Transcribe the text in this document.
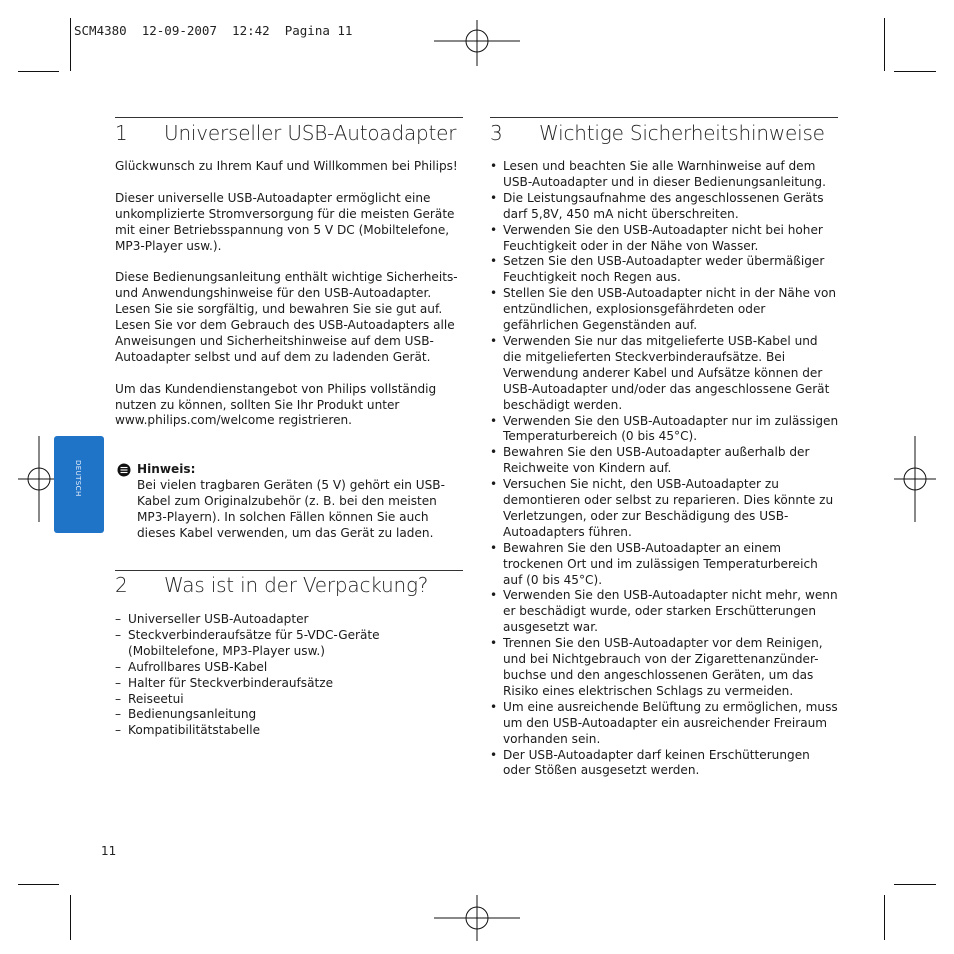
SCM4380  12-09-2007  12:42  Pagina 11
DEUTSCH
1 Universeller USB-Autoadapter

Glückwunsch zu Ihrem Kauf und Willkommen bei Philips!

Dieser universelle USB-Autoadapter ermöglicht eine unkomplizierte Stromversorgung für die meisten Geräte mit einer Betriebsspannung von 5 V DC (Mobiltelefone, MP3-Player usw.).

Diese Bedienungsanleitung enthält wichtige Sicherheits- und Anwendungshinweise für den USB-Autoadapter. Lesen Sie sie sorgfältig, und bewahren Sie sie gut auf. Lesen Sie vor dem Gebrauch des USB-Autoadapters alle Anweisungen und Sicherheitshinweise auf dem USB-Autoadapter selbst und auf dem zu ladenden Gerät.

Um das Kundendienstangebot von Philips vollständig nutzen zu können, sollten Sie Ihr Produkt unter www.philips.com/welcome registrieren.

Hinweis:
Bei vielen tragbaren Geräten (5 V) gehört ein USB-Kabel zum Originalzubehör (z. B. bei den meisten MP3-Playern). In solchen Fällen können Sie auch dieses Kabel verwenden, um das Gerät zu laden.
2 Was ist in der Verpackung?
– Universeller USB-Autoadapter
– Steckverbinderaufsätze für 5-VDC-Geräte (Mobiltelefone, MP3-Player usw.)
– Aufrollbares USB-Kabel
– Halter für Steckverbinderaufsätze
– Reiseetui
– Bedienungsanleitung
– Kompatibilitätstabelle
3 Wichtige Sicherheitshinweise
• Lesen und beachten Sie alle Warnhinweise auf dem USB-Autoadapter und in dieser Bedienungsanleitung.
• Die Leistungsaufnahme des angeschlossenen Geräts darf 5,8V, 450 mA nicht überschreiten.
• Verwenden Sie den USB-Autoadapter nicht bei hoher Feuchtigkeit oder in der Nähe von Wasser.
• Setzen Sie den USB-Autoadapter weder übermäßiger Feuchtigkeit noch Regen aus.
• Stellen Sie den USB-Autoadapter nicht in der Nähe von entzündlichen, explosionsgefährdeten oder gefährlichen Gegenständen auf.
• Verwenden Sie nur das mitgelieferte USB-Kabel und die mitgelieferten Steckverbinderaufsätze. Bei Verwendung anderer Kabel und Aufsätze können der USB-Autoadapter und/oder das angeschlossene Gerät beschädigt werden.
• Verwenden Sie den USB-Autoadapter nur im zulässigen Temperaturbereich (0 bis 45°C).
• Bewahren Sie den USB-Autoadapter außerhalb der Reichweite von Kindern auf.
• Versuchen Sie nicht, den USB-Autoadapter zu demontieren oder selbst zu reparieren. Dies könnte zu Verletzungen, oder zur Beschädigung des USB-Autoadapters führen.
• Bewahren Sie den USB-Autoadapter an einem trockenen Ort und im zulässigen Temperaturbereich auf (0 bis 45°C).
• Verwenden Sie den USB-Autoadapter nicht mehr, wenn er beschädigt wurde, oder starken Erschütterungen ausgesetzt war.
• Trennen Sie den USB-Autoadapter vor dem Reinigen, und bei Nichtgebrauch von der Zigarettenanzünder-buchse und den angeschlossenen Geräten, um das Risiko eines elektrischen Schlags zu vermeiden.
• Um eine ausreichende Belüftung zu ermöglichen, muss um den USB-Autoadapter ein ausreichender Freiraum vorhanden sein.
• Der USB-Autoadapter darf keinen Erschütterungen oder Stößen ausgesetzt werden.
11
